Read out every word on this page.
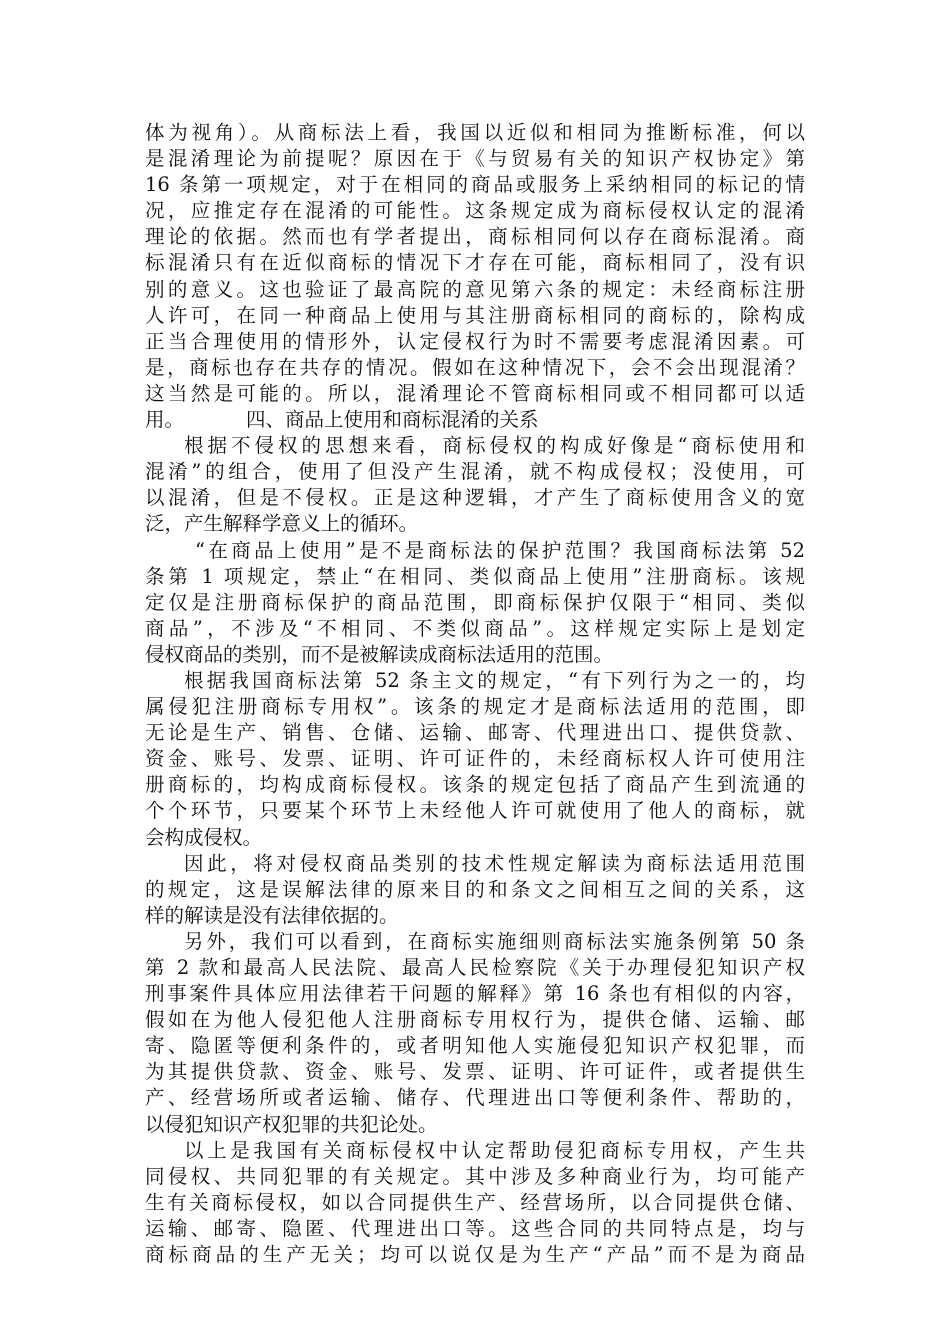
体为视角）。从商标法上看，我国以近似和相同为推断标准，何以
是混淆理论为前提呢？原因在于《与贸易有关的知识产权协定》第
16 条第一项规定，对于在相同的商品或服务上采纳相同的标记的情
况，应推定存在混淆的可能性。这条规定成为商标侵权认定的混淆
理论的依据。然而也有学者提出，商标相同何以存在商标混淆。商
标混淆只有在近似商标的情况下才存在可能，商标相同了，没有识
别的意义。这也验证了最高院的意见第六条的规定：未经商标注册
人许可，在同一种商品上使用与其注册商标相同的商标的，除构成
正当合理使用的情形外，认定侵权行为时不需要考虑混淆因素。可
是，商标也存在共存的情况。假如在这种情况下，会不会出现混淆？
这当然是可能的。所以，混淆理论不管商标相同或不相同都可以适
用。          四、商品上使用和商标混淆的关系
根据不侵权的思想来看，商标侵权的构成好像是“商标使用和
混淆”的组合，使用了但没产生混淆，就不构成侵权；没使用，可
以混淆，但是不侵权。正是这种逻辑，才产生了商标使用含义的宽
泛，产生解释学意义上的循环。
“在商品上使用”是不是商标法的保护范围？我国商标法第 52
条第 1 项规定，禁止“在相同、类似商品上使用”注册商标。该规
定仅是注册商标保护的商品范围，即商标保护仅限于“相同、类似
商品”，不涉及“不相同、不类似商品”。这样规定实际上是划定
侵权商品的类别，而不是被解读成商标法适用的范围。
根据我国商标法第 52 条主文的规定，“有下列行为之一的，均
属侵犯注册商标专用权”。该条的规定才是商标法适用的范围，即
无论是生产、销售、仓储、运输、邮寄、代理进出口、提供贷款、
资金、账号、发票、证明、许可证件的，未经商标权人许可使用注
册商标的，均构成商标侵权。该条的规定包括了商品产生到流通的
个个环节，只要某个环节上未经他人许可就使用了他人的商标，就
会构成侵权。
因此，将对侵权商品类别的技术性规定解读为商标法适用范围
的规定，这是误解法律的原来目的和条文之间相互之间的关系，这
样的解读是没有法律依据的。
另外，我们可以看到，在商标实施细则商标法实施条例第 50 条
第 2 款和最高人民法院、最高人民检察院《关于办理侵犯知识产权
刑事案件具体应用法律若干问题的解释》第 16 条也有相似的内容，
假如在为他人侵犯他人注册商标专用权行为，提供仓储、运输、邮
寄、隐匿等便利条件的，或者明知他人实施侵犯知识产权犯罪，而
为其提供贷款、资金、账号、发票、证明、许可证件，或者提供生
产、经营场所或者运输、储存、代理进出口等便利条件、帮助的，
以侵犯知识产权犯罪的共犯论处。
以上是我国有关商标侵权中认定帮助侵犯商标专用权，产生共
同侵权、共同犯罪的有关规定。其中涉及多种商业行为，均可能产
生有关商标侵权，如以合同提供生产、经营场所，以合同提供仓储、
运输、邮寄、隐匿、代理进出口等。这些合同的共同特点是，均与
商标商品的生产无关；均可以说仅是为生产“产品”而不是为商品
